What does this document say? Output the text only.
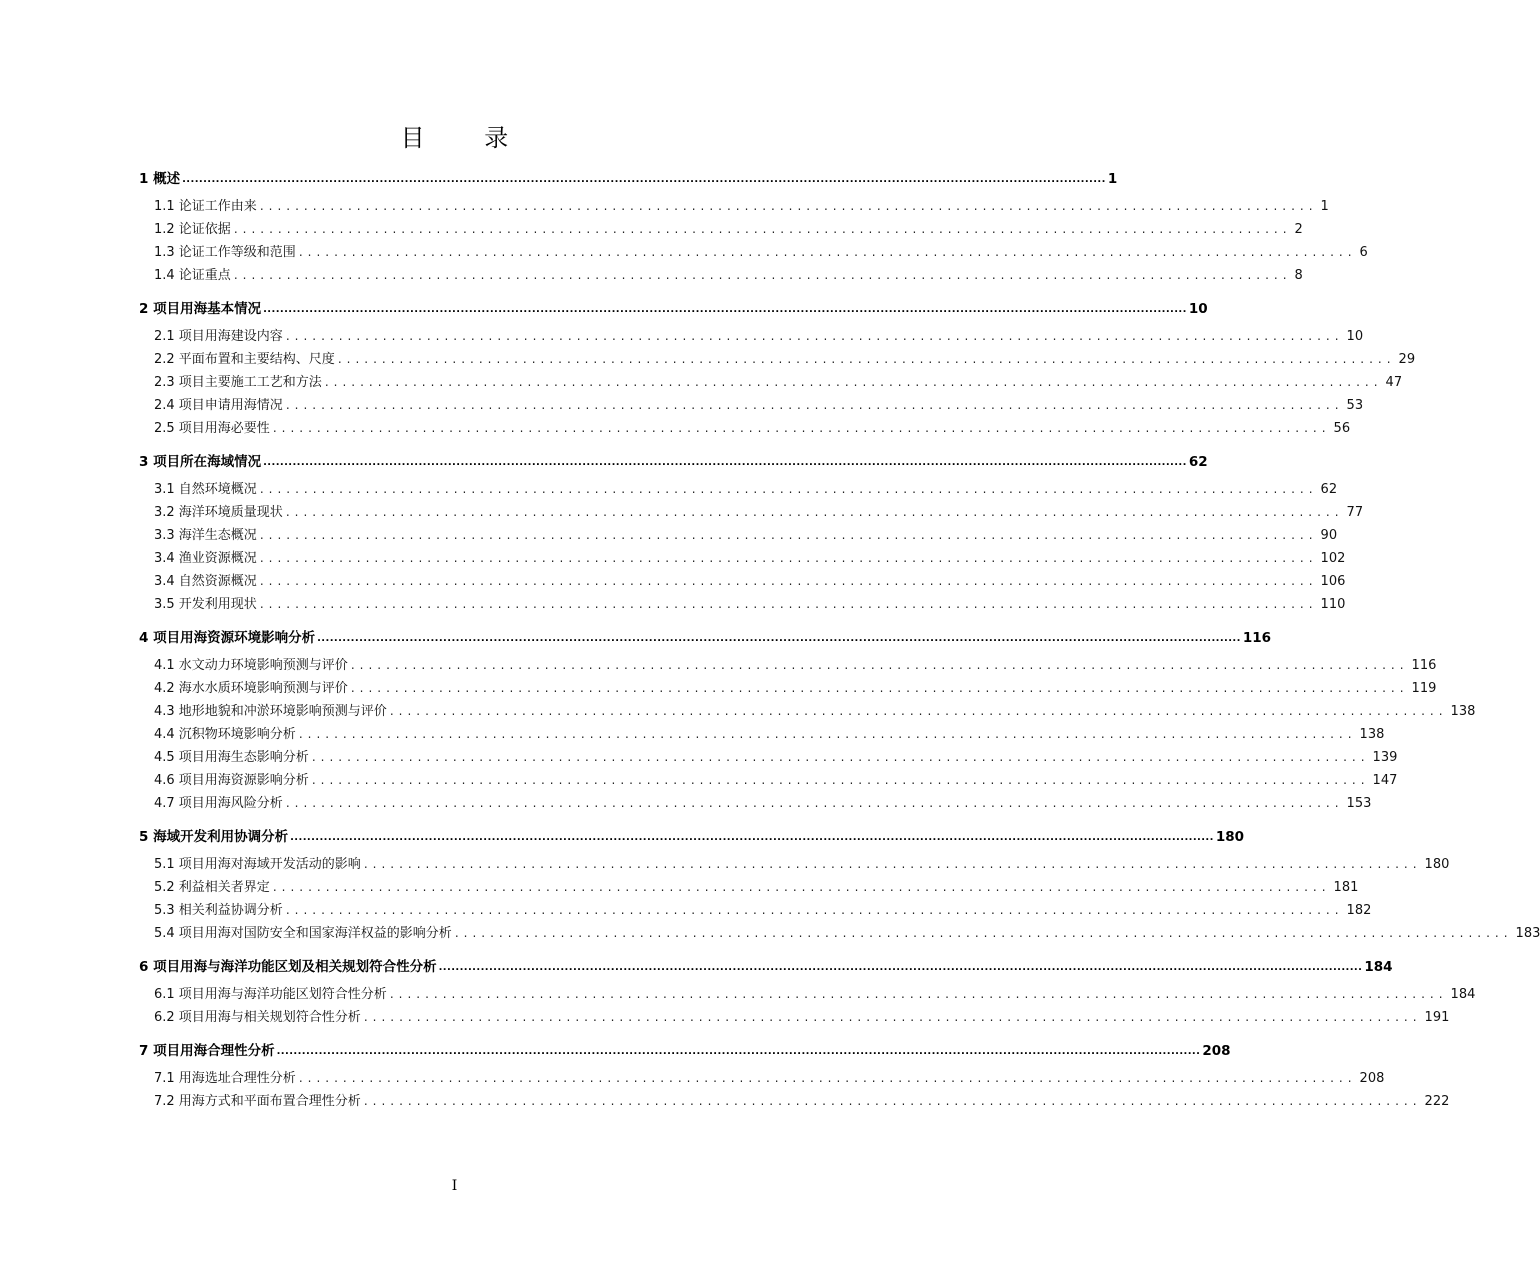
目 录
1 概述 ............................................................................................................................................................................................................................ 1
1.1 论证工作由来 ........................................................................................................................ 1
1.2 论证依据 ........................................................................................................................ 2
1.3 论证工作等级和范围 ........................................................................................................................ 6
1.4 论证重点 ........................................................................................................................ 8
2 项目用海基本情况 ............................................................................................................................................................................................................................ 10
2.1 项目用海建设内容 ........................................................................................................................ 10
2.2 平面布置和主要结构、尺度 ........................................................................................................................ 29
2.3 项目主要施工工艺和方法 ........................................................................................................................ 47
2.4 项目申请用海情况 ........................................................................................................................ 53
2.5 项目用海必要性 ........................................................................................................................ 56
3 项目所在海域情况 ............................................................................................................................................................................................................................ 62
3.1 自然环境概况 ........................................................................................................................ 62
3.2 海洋环境质量现状 ........................................................................................................................ 77
3.3 海洋生态概况 ........................................................................................................................ 90
3.4 渔业资源概况 ........................................................................................................................ 102
3.4 自然资源概况 ........................................................................................................................ 106
3.5 开发利用现状 ........................................................................................................................ 110
4 项目用海资源环境影响分析 ............................................................................................................................................................................................................................ 116
4.1 水文动力环境影响预测与评价 ........................................................................................................................ 116
4.2 海水水质环境影响预测与评价 ........................................................................................................................ 119
4.3 地形地貌和冲淤环境影响预测与评价 ........................................................................................................................ 138
4.4 沉积物环境影响分析 ........................................................................................................................ 138
4.5 项目用海生态影响分析 ........................................................................................................................ 139
4.6 项目用海资源影响分析 ........................................................................................................................ 147
4.7 项目用海风险分析 ........................................................................................................................ 153
5 海域开发利用协调分析 ............................................................................................................................................................................................................................ 180
5.1 项目用海对海域开发活动的影响 ........................................................................................................................ 180
5.2 利益相关者界定 ........................................................................................................................ 181
5.3 相关利益协调分析 ........................................................................................................................ 182
5.4 项目用海对国防安全和国家海洋权益的影响分析 ........................................................................................................................ 183
6 项目用海与海洋功能区划及相关规划符合性分析 ............................................................................................................................................................................................................................ 184
6.1 项目用海与海洋功能区划符合性分析 ........................................................................................................................ 184
6.2 项目用海与相关规划符合性分析 ........................................................................................................................ 191
7 项目用海合理性分析 ............................................................................................................................................................................................................................ 208
7.1 用海选址合理性分析 ........................................................................................................................ 208
7.2 用海方式和平面布置合理性分析 ........................................................................................................................ 222
I
